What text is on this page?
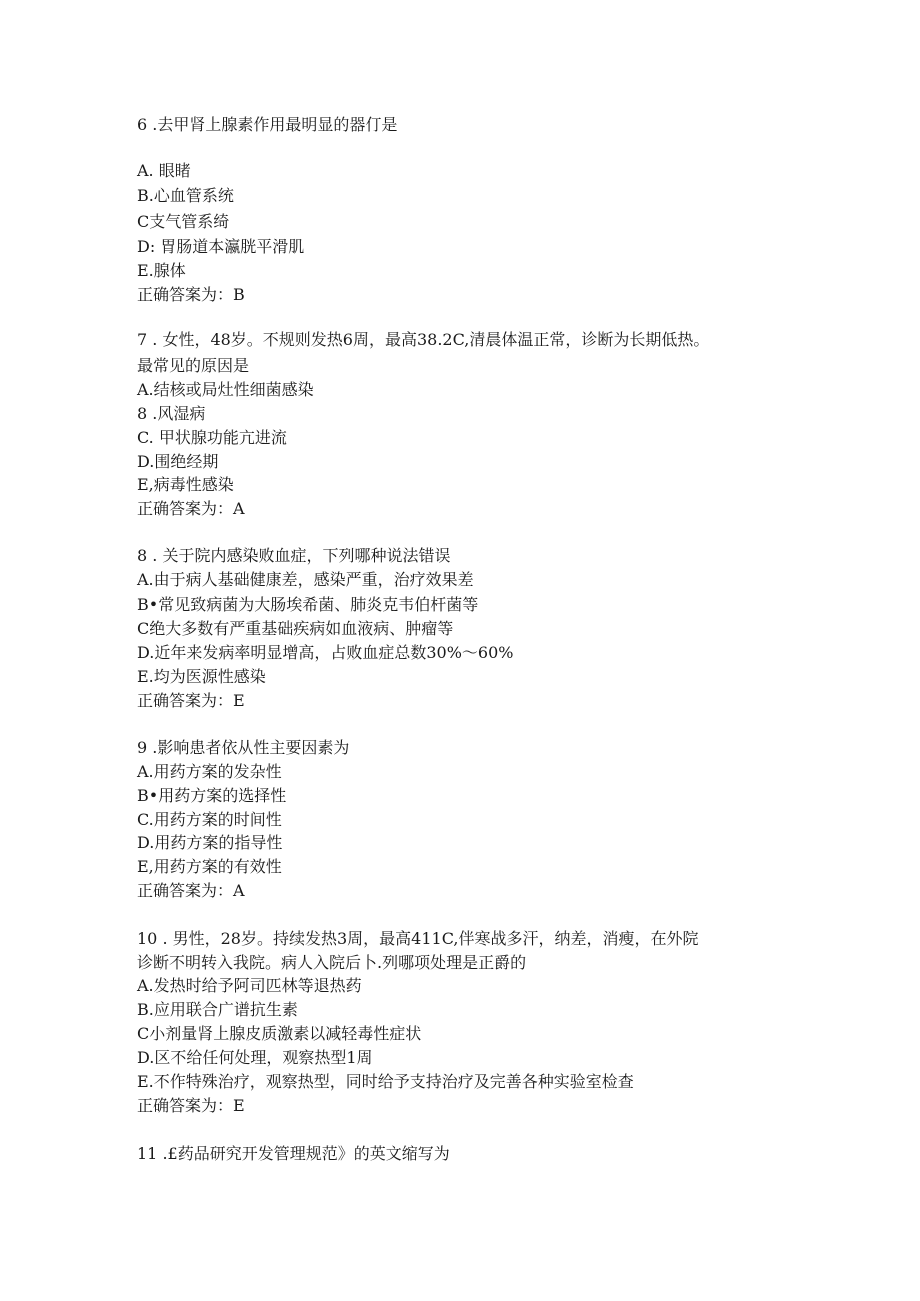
6 .去甲肾上腺素作用最明显的器仃是
A. 眼睹
B.心血管系统
C支气管系绮
D: 胃肠道本瀛胱平滑肌
E.腺体
正确答案为：B
7 . 女性，48岁。不规则发热6周，最高38.2C,清晨体温正常，诊断为长期低热。
最常见的原因是
A.结核或局灶性细菌感染
8 .风湿病
C. 甲状腺功能亢进流
D.围绝经期
E,病毒性感染
正确答案为：A
8 . 关于院内感染败血症，下列哪种说法错误
A.由于病人基础健康差，感染严重，治疗效果差
B•常见致病菌为大肠埃希菌、肺炎克韦伯杆菌等
C绝大多数有严重基础疾病如血液病、肿瘤等
D.近年来发病率明显增高，占败血症总数30%〜60%
E.均为医源性感染
正确答案为：E
9 .影响患者依从性主要因素为
A.用药方案的发杂性
B•用药方案的选择性
C.用药方案的时间性
D.用药方案的指导性
E,用药方案的有效性
正确答案为：A
10 . 男性，28岁。持续发热3周，最高411C,伴寒战多汗，纳差，消瘦，在外院
诊断不明转入我院。病人入院后卜.列哪项处理是正爵的
A.发热时给予阿司匹林等退热药
B.应用联合广谱抗生素
C小剂量肾上腺皮质激素以减轻毒性症状
D.区不给任何处理，观察热型1周
E.不作特殊治疗，观察热型，同时给予支持治疗及完善各种实验室检查
正确答案为：E
11 .£药品研究开发管理规范》的英文缩写为
